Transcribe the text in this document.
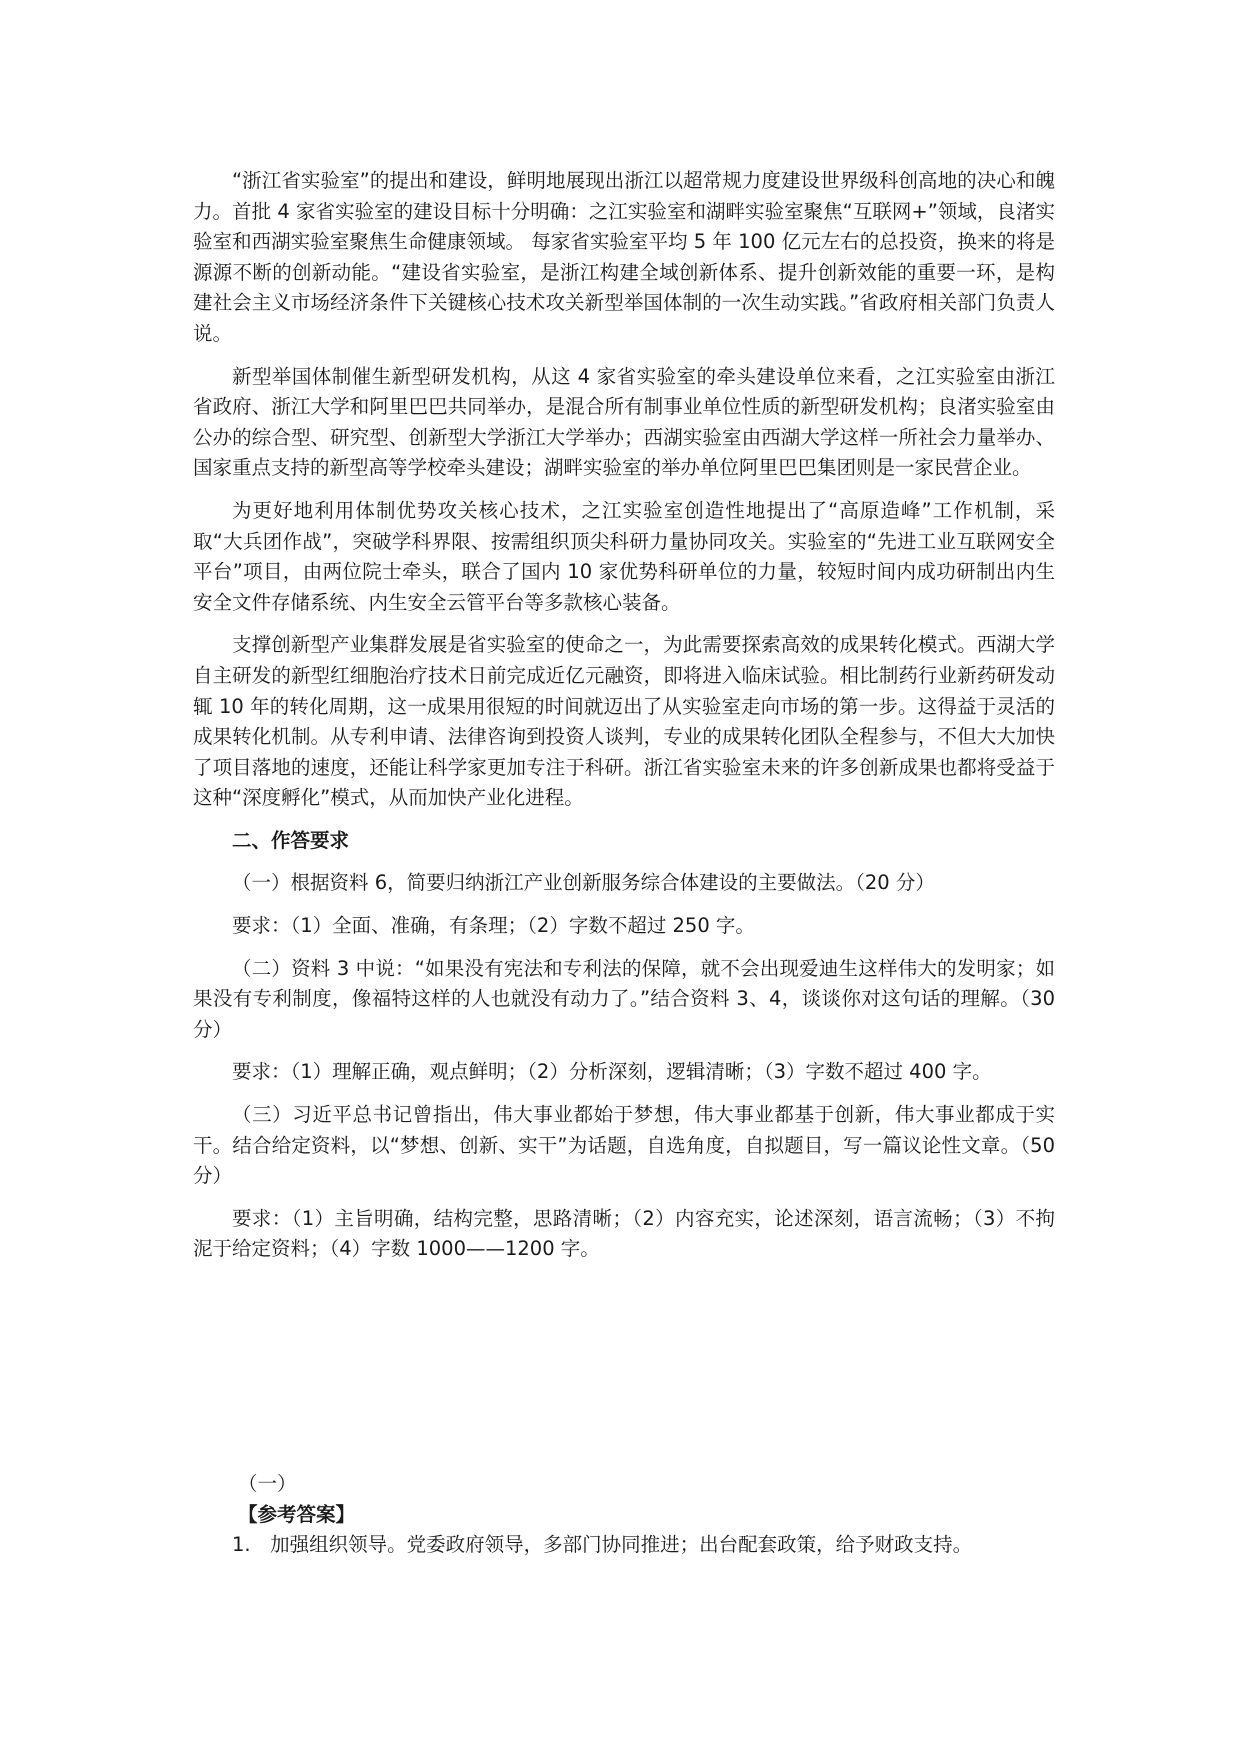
“浙江省实验室”的提出和建设，鲜明地展现出浙江以超常规力度建设世界级科创高地的决心和魄力。首批 4 家省实验室的建设目标十分明确：之江实验室和湖畔实验室聚焦“互联网+”领域，良渚实验室和西湖实验室聚焦生命健康领域。 每家省实验室平均 5 年 100 亿元左右的总投资，换来的将是源源不断的创新动能。“建设省实验室，是浙江构建全域创新体系、提升创新效能的重要一环，是构建社会主义市场经济条件下关键核心技术攻关新型举国体制的一次生动实践。”省政府相关部门负责人说。

新型举国体制催生新型研发机构，从这 4 家省实验室的牵头建设单位来看，之江实验室由浙江省政府、浙江大学和阿里巴巴共同举办，是混合所有制事业单位性质的新型研发机构；良渚实验室由公办的综合型、研究型、创新型大学浙江大学举办；西湖实验室由西湖大学这样一所社会力量举办、国家重点支持的新型高等学校牵头建设；湖畔实验室的举办单位阿里巴巴集团则是一家民营企业。

为更好地利用体制优势攻关核心技术，之江实验室创造性地提出了“高原造峰”工作机制，采取“大兵团作战”，突破学科界限、按需组织顶尖科研力量协同攻关。实验室的“先进工业互联网安全平台”项目，由两位院士牵头，联合了国内 10 家优势科研单位的力量，较短时间内成功研制出内生安全文件存储系统、内生安全云管平台等多款核心装备。

支撑创新型产业集群发展是省实验室的使命之一，为此需要探索高效的成果转化模式。西湖大学自主研发的新型红细胞治疗技术日前完成近亿元融资，即将进入临床试验。相比制药行业新药研发动辄 10 年的转化周期，这一成果用很短的时间就迈出了从实验室走向市场的第一步。这得益于灵活的成果转化机制。从专利申请、法律咨询到投资人谈判，专业的成果转化团队全程参与，不但大大加快了项目落地的速度，还能让科学家更加专注于科研。浙江省实验室未来的许多创新成果也都将受益于这种“深度孵化”模式，从而加快产业化进程。

二、作答要求

（一）根据资料 6，简要归纳浙江产业创新服务综合体建设的主要做法。（20 分）

要求：（1）全面、准确，有条理；（2）字数不超过 250 字。

（二）资料 3 中说：“如果没有宪法和专利法的保障，就不会出现爱迪生这样伟大的发明家；如果没有专利制度，像福特这样的人也就没有动力了。”结合资料 3、4，谈谈你对这句话的理解。（30 分）

要求：（1）理解正确，观点鲜明；（2）分析深刻，逻辑清晰；（3）字数不超过 400 字。

（三）习近平总书记曾指出，伟大事业都始于梦想，伟大事业都基于创新，伟大事业都成于实干。结合给定资料，以“梦想、创新、实干”为话题，自选角度，自拟题目，写一篇议论性文章。（50 分）

要求：（1）主旨明确，结构完整，思路清晰；（2）内容充实，论述深刻，语言流畅；（3）不拘泥于给定资料；（4）字数 1000——1200 字。

（一）

【参考答案】

1.　加强组织领导。党委政府领导，多部门协同推进；出台配套政策，给予财政支持。
